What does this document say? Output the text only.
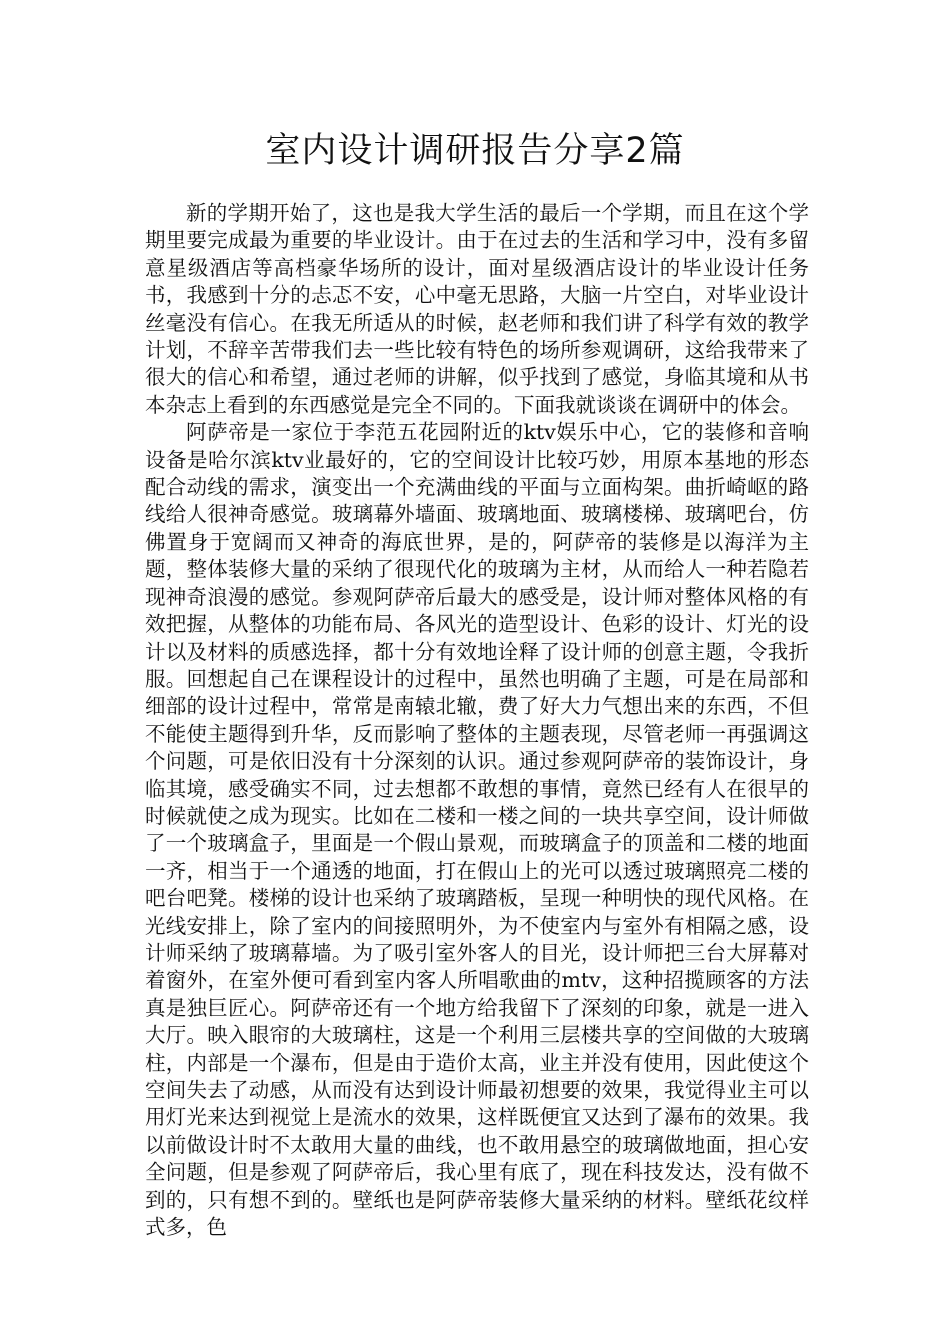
室内设计调研报告分享2篇

新的学期开始了，这也是我大学生活的最后一个学期，而且在这个学期里要完成最为重要的毕业设计。由于在过去的生活和学习中，没有多留意星级酒店等高档豪华场所的设计，面对星级酒店设计的毕业设计任务书，我感到十分的忐忑不安，心中毫无思路，大脑一片空白，对毕业设计丝毫没有信心。在我无所适从的时候，赵老师和我们讲了科学有效的教学计划，不辞辛苦带我们去一些比较有特色的场所参观调研，这给我带来了很大的信心和希望，通过老师的讲解，似乎找到了感觉，身临其境和从书本杂志上看到的东西感觉是完全不同的。下面我就谈谈在调研中的体会。

阿萨帝是一家位于李范五花园附近的ktv娱乐中心，它的装修和音响设备是哈尔滨ktv业最好的，它的空间设计比较巧妙，用原本基地的形态配合动线的需求，演变出一个充满曲线的平面与立面构架。曲折崎岖的路线给人很神奇感觉。玻璃幕外墙面、玻璃地面、玻璃楼梯、玻璃吧台，仿佛置身于宽阔而又神奇的海底世界，是的，阿萨帝的装修是以海洋为主题，整体装修大量的采纳了很现代化的玻璃为主材，从而给人一种若隐若现神奇浪漫的感觉。参观阿萨帝后最大的感受是，设计师对整体风格的有效把握，从整体的功能布局、各风光的造型设计、色彩的设计、灯光的设计以及材料的质感选择，都十分有效地诠释了设计师的创意主题，令我折服。回想起自己在课程设计的过程中，虽然也明确了主题，可是在局部和细部的设计过程中，常常是南辕北辙，费了好大力气想出来的东西，不但不能使主题得到升华，反而影响了整体的主题表现，尽管老师一再强调这个问题，可是依旧没有十分深刻的认识。通过参观阿萨帝的装饰设计，身临其境，感受确实不同，过去想都不敢想的事情，竟然已经有人在很早的时候就使之成为现实。比如在二楼和一楼之间的一块共享空间，设计师做了一个玻璃盒子，里面是一个假山景观，而玻璃盒子的顶盖和二楼的地面一齐，相当于一个通透的地面，打在假山上的光可以透过玻璃照亮二楼的吧台吧凳。楼梯的设计也采纳了玻璃踏板，呈现一种明快的现代风格。在光线安排上，除了室内的间接照明外，为不使室内与室外有相隔之感，设计师采纳了玻璃幕墙。为了吸引室外客人的目光，设计师把三台大屏幕对着窗外，在室外便可看到室内客人所唱歌曲的mtv，这种招揽顾客的方法真是独巨匠心。阿萨帝还有一个地方给我留下了深刻的印象，就是一进入大厅。映入眼帘的大玻璃柱，这是一个利用三层楼共享的空间做的大玻璃柱，内部是一个瀑布，但是由于造价太高，业主并没有使用，因此使这个空间失去了动感，从而没有达到设计师最初想要的效果，我觉得业主可以用灯光来达到视觉上是流水的效果，这样既便宜又达到了瀑布的效果。我以前做设计时不太敢用大量的曲线，也不敢用悬空的玻璃做地面，担心安全问题，但是参观了阿萨帝后，我心里有底了，现在科技发达，没有做不到的，只有想不到的。壁纸也是阿萨帝装修大量采纳的材料。壁纸花纹样式多，色
